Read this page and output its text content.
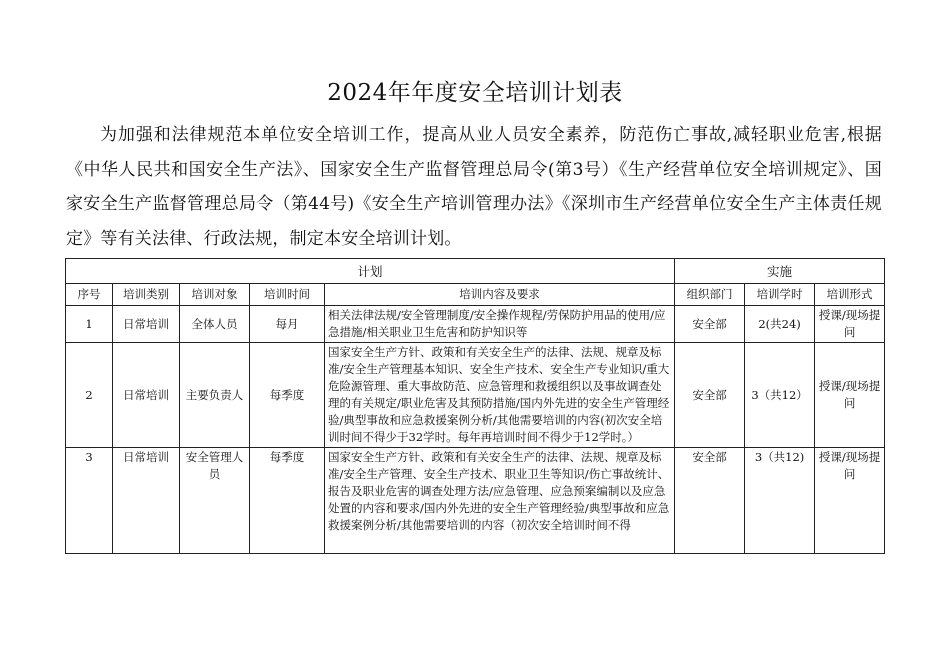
2024年年度安全培训计划表

为加强和法律规范本单位安全培训工作，提高从业人员安全素养，防范伤亡事故,减轻职业危害,根据《中华人民共和国安全生产法》、国家安全生产监督管理总局令(第3号）《生产经营单位安全培训规定》、国家安全生产监督管理总局令（第44号)《安全生产培训管理办法》《深圳市生产经营单位安全生产主体责任规定》等有关法律、行政法规，制定本安全培训计划。

计划					实施		
序号	培训类别	培训对象	培训时间	培训内容及要求	组织部门	培训学时	培训形式
1	日常培训	全体人员	每月	相关法律法规/安全管理制度/安全操作规程/劳保防护用品的使用/应急措施/相关职业卫生危害和防护知识等	安全部	2(共24)	授课/现场提问
2	日常培训	主要负责人	每季度	国家安全生产方针、政策和有关安全生产的法律、法规、规章及标准/安全生产管理基本知识、安全生产技术、安全生产专业知识/重大危险源管理、重大事故防范、应急管理和救援组织以及事故调查处理的有关规定/职业危害及其预防措施/国内外先进的安全生产管理经验/典型事故和应急救援案例分析/其他需要培训的内容(初次安全培训时间不得少于32学时。每年再培训时间不得少于12学时。）	安全部	3（共12）	授课/现场提问
3	日常培训	安全管理人员	每季度	国家安全生产方针、政策和有关安全生产的法律、法规、规章及标准/安全生产管理、安全生产技术、职业卫生等知识/伤亡事故统计、报告及职业危害的调查处理方法/应急管理、应急预案编制以及应急处置的内容和要求/国内外先进的安全生产管理经验/典型事故和应急救援案例分析/其他需要培训的内容（初次安全培训时间不得	安全部	3（共12)	授课/现场提问
